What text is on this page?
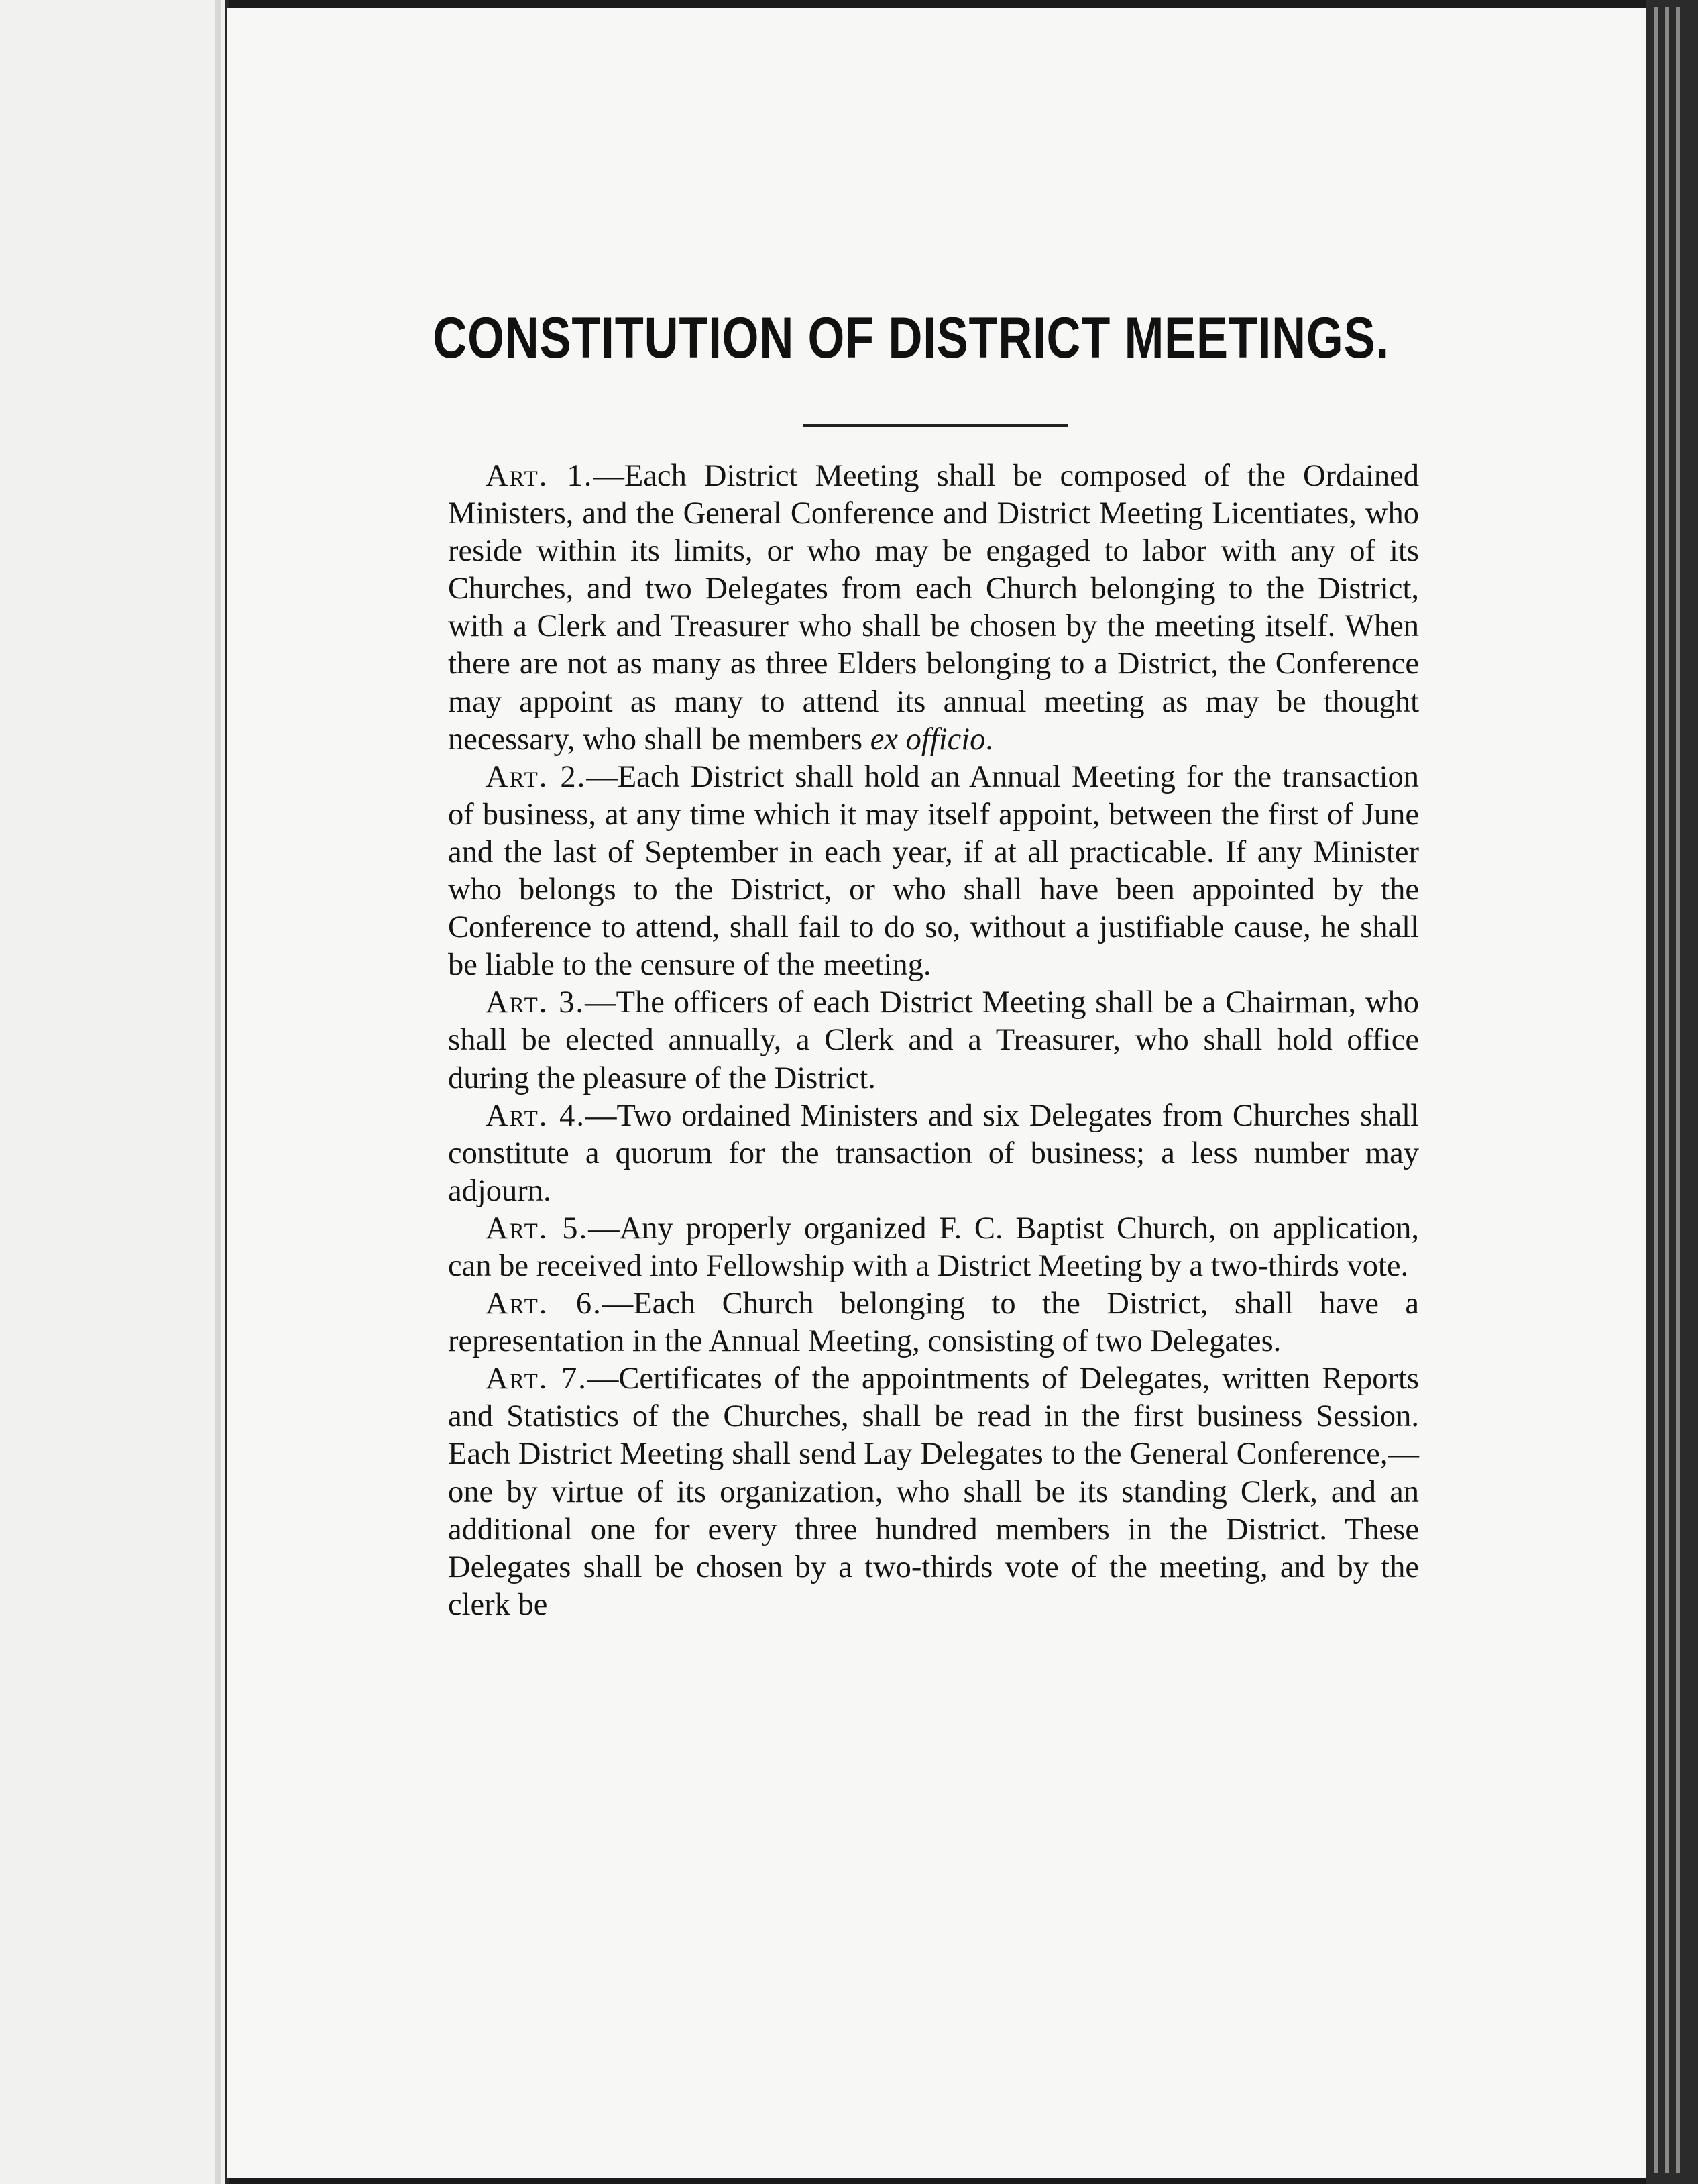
CONSTITUTION OF DISTRICT MEETINGS.

Art. 1.—Each District Meeting shall be composed of the Ordained Ministers, and the General Conference and District Meeting Licentiates, who reside within its limits, or who may be engaged to labor with any of its Churches, and two Delegates from each Church belonging to the District, with a Clerk and Treasurer who shall be chosen by the meeting itself. When there are not as many as three Elders belonging to a District, the Conference may appoint as many to attend its annual meeting as may be thought necessary, who shall be members ex officio.

Art. 2.—Each District shall hold an Annual Meeting for the transaction of business, at any time which it may itself appoint, between the first of June and the last of September in each year, if at all practicable. If any Minister who belongs to the District, or who shall have been appointed by the Conference to attend, shall fail to do so, without a justifiable cause, he shall be liable to the censure of the meeting.

Art. 3.—The officers of each District Meeting shall be a Chairman, who shall be elected annually, a Clerk and a Treasurer, who shall hold office during the pleasure of the District.

Art. 4.—Two ordained Ministers and six Delegates from Churches shall constitute a quorum for the transaction of business; a less number may adjourn.

Art. 5.—Any properly organized F. C. Baptist Church, on application, can be received into Fellowship with a District Meeting by a two-thirds vote.

Art. 6.—Each Church belonging to the District, shall have a representation in the Annual Meeting, consisting of two Delegates.

Art. 7.—Certificates of the appointments of Delegates, written Reports and Statistics of the Churches, shall be read in the first business Session. Each District Meeting shall send Lay Delegates to the General Conference,—one by virtue of its organization, who shall be its standing Clerk, and an additional one for every three hundred members in the District. These Delegates shall be chosen by a two-thirds vote of the meeting, and by the clerk be
